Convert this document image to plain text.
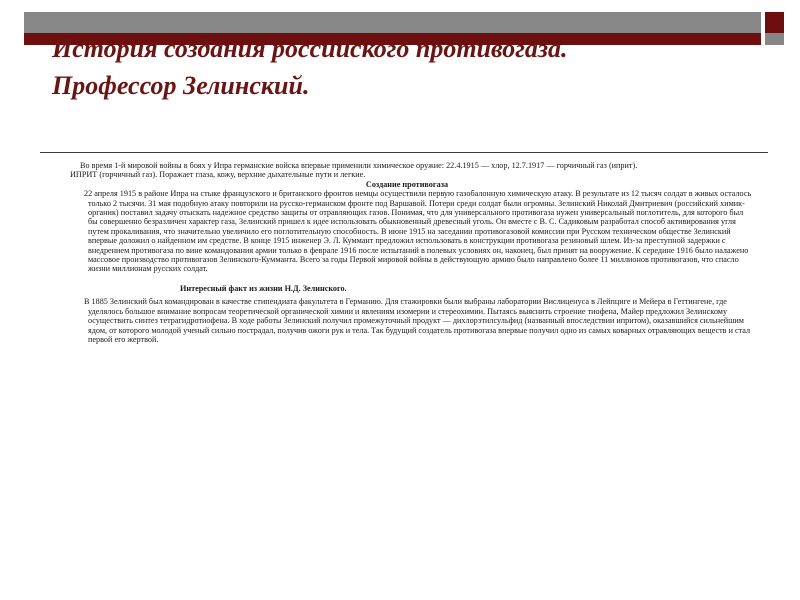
История создания российского противогаза.
Профессор Зелинский.

Во время 1-й мировой войны в боях у Ипра германские войска впервые применили химическое оружие: 22.4.1915 — хлор, 12.7.1917 — горчичный газ (иприт).

ИПРИТ (горчичный газ). Поражает глаза, кожу, верхние дыхательные пути и легкие.

Создание противогаза

22 апреля 1915 в районе Ипра на стыке французского и британского фронтов немцы осуществили первую газобалонную химическую атаку. В результате из 12 тысяч солдат в живых осталось только 2 тысячи. 31 мая подобную атаку повторили на русско-германском фронте под Варшавой. Потери среди солдат были огромны. Зелинский Николай Дмитриевич (российский химик-органик) поставил задачу отыскать надежное средство защиты от отравляющих газов. Понимая, что для универсального противогаза нужен универсальный поглотитель, для которого был бы совершенно безразличен характер газа, Зелинский пришел к идее использовать обыкновенный древесный уголь. Он вместе с В. С. Садиковым разработал способ активирования угля путем прокаливания, что значительно увеличило его поглотительную способность. В июне 1915 на заседании противогазовой комиссии при Русском техническом обществе Зелинский впервые доложил о найденном им средстве. В конце 1915 инженер Э. Л. Куммант предложил использовать в конструкции противогаза резиновый шлем. Из-за преступной задержки с внедрением противогаза по вине командования армии только в феврале 1916 после испытаний в полевых условиях он, наконец, был принят на вооружение. К середине 1916 было налажено массовое производство противогазов Зелинского-Кумманта. Всего за годы Первой мировой войны в действующую армию было направлено более 11 миллионов противогазов, что спасло жизни миллионам русских солдат.

Интересный факт из жизни Н.Д. Зелинского.

В 1885 Зелинский был командирован в качестве стипендиата факультета в Германию. Для стажировки были выбраны лаборатории Вислиценуса в Лейпциге и Мейера в Геттингене, где уделялось большое внимание вопросам теоретической органической химии и явлениям изомерии и стереохимии. Пытаясь выяснить строение тиофена, Майер предложил Зелинскому осуществить синтез тетрагидротиофена. В ходе работы Зелинский получил промежуточный продукт — дихлорэтилсульфид (названный впоследствии ипритом), оказавшийся сильнейшим ядом, от которого молодой ученый сильно пострадал, получив ожоги рук и тела. Так будущий создатель противогаза впервые получил одно из самых коварных отравляющих веществ и стал первой его жертвой.
